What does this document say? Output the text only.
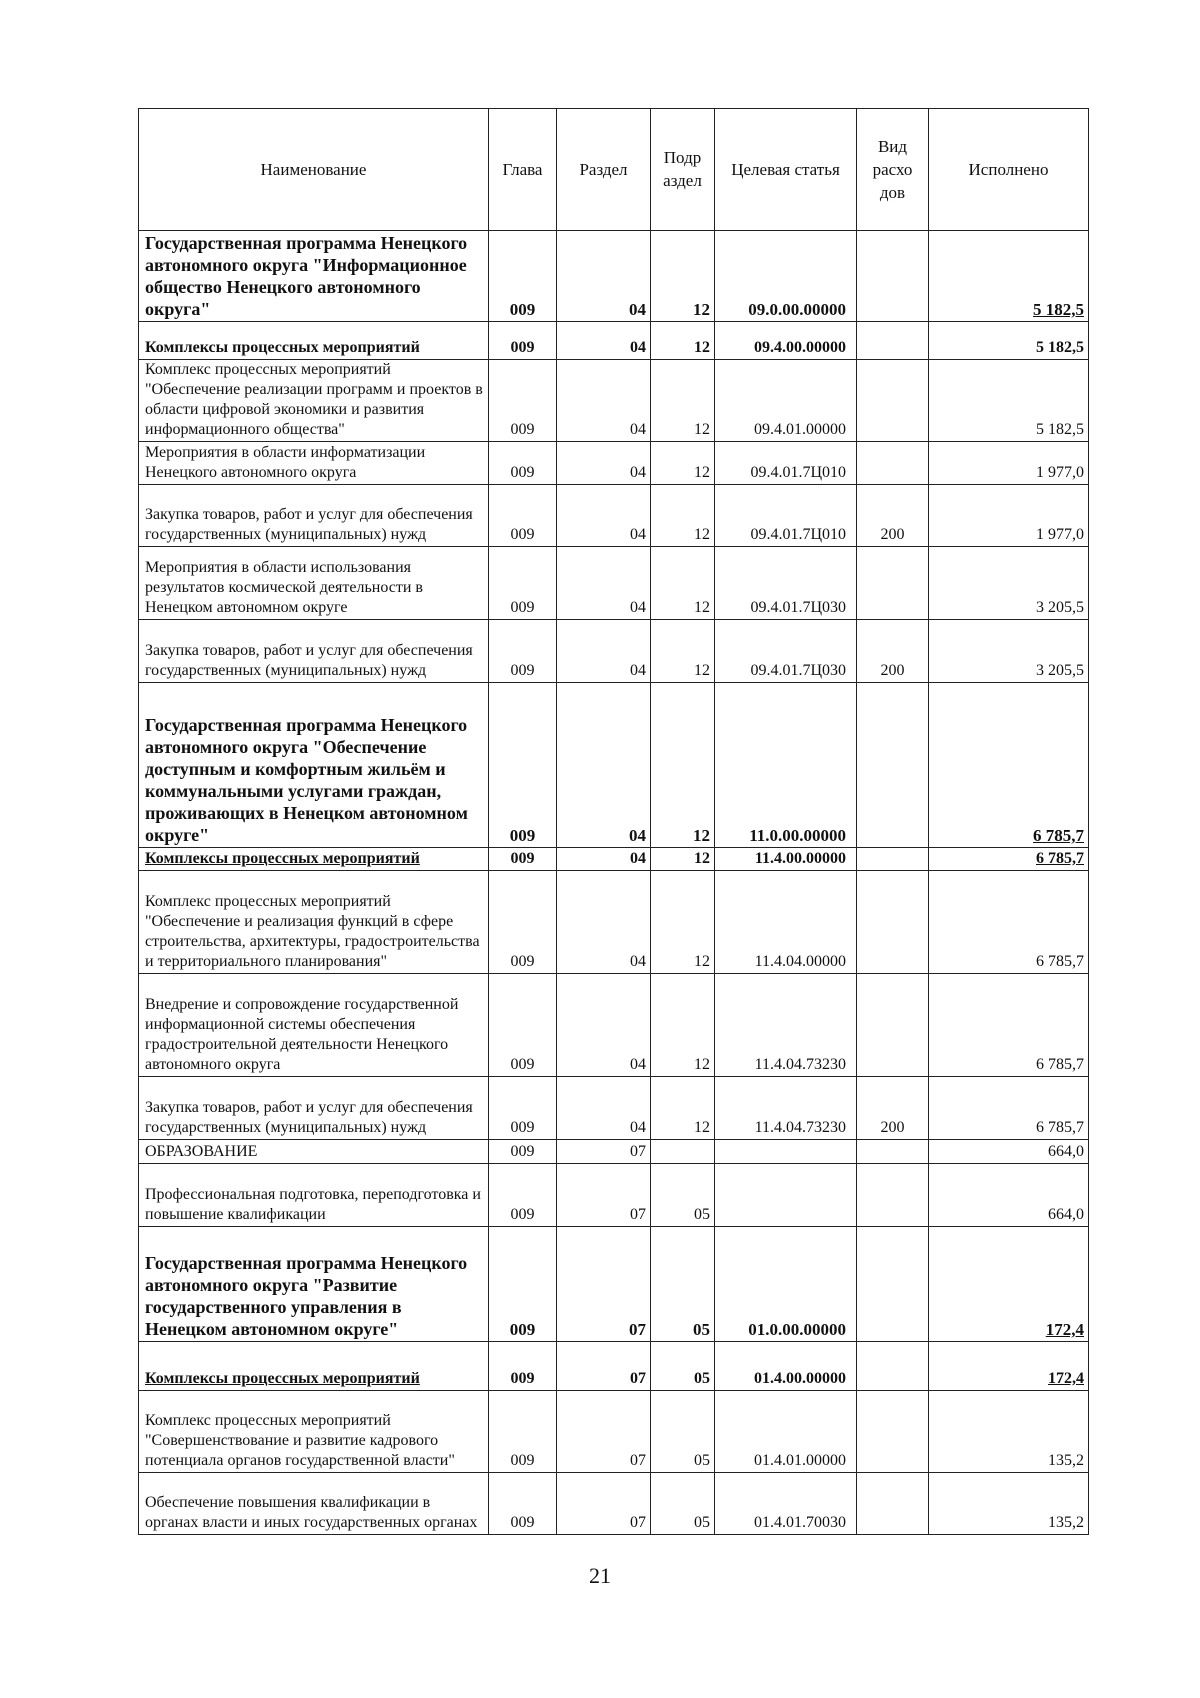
Наименование	Глава	Раздел	Подр аздел	Целевая статья	Вид расхо дов	Исполнено
Государственная программа Ненецкого автономного округа "Информационное общество Ненецкого автономного округа"	009	04	12	09.0.00.00000		5 182,5
Комплексы процессных мероприятий	009	04	12	09.4.00.00000		5 182,5
Комплекс процессных мероприятий "Обеспечение реализации программ и проектов в области цифровой экономики и развития информационного общества"	009	04	12	09.4.01.00000		5 182,5
Мероприятия в области информатизации Ненецкого автономного округа	009	04	12	09.4.01.7Ц010		1 977,0
Закупка товаров, работ и услуг для обеспечения государственных (муниципальных) нужд	009	04	12	09.4.01.7Ц010	200	1 977,0
Мероприятия в области использования результатов космической деятельности в Ненецком автономном округе	009	04	12	09.4.01.7Ц030		3 205,5
Закупка товаров, работ и услуг для обеспечения государственных (муниципальных) нужд	009	04	12	09.4.01.7Ц030	200	3 205,5
Государственная программа Ненецкого автономного округа "Обеспечение доступным и комфортным жильём и коммунальными услугами граждан, проживающих в Ненецком автономном округе"	009	04	12	11.0.00.00000		6 785,7
Комплексы процессных мероприятий	009	04	12	11.4.00.00000		6 785,7
Комплекс процессных мероприятий "Обеспечение и реализация функций в сфере строительства, архитектуры, градостроительства и территориального планирования"	009	04	12	11.4.04.00000		6 785,7
Внедрение и сопровождение государственной информационной системы обеспечения градостроительной деятельности Ненецкого автономного округа	009	04	12	11.4.04.73230		6 785,7
Закупка товаров, работ и услуг для обеспечения государственных (муниципальных) нужд	009	04	12	11.4.04.73230	200	6 785,7
ОБРАЗОВАНИЕ	009	07				664,0
Профессиональная подготовка, переподготовка и повышение квалификации	009	07	05			664,0
Государственная программа Ненецкого автономного округа "Развитие государственного управления в Ненецком автономном округе"	009	07	05	01.0.00.00000		172,4
Комплексы процессных мероприятий	009	07	05	01.4.00.00000		172,4
Комплекс процессных мероприятий "Совершенствование и развитие кадрового потенциала органов государственной власти"	009	07	05	01.4.01.00000		135,2
Обеспечение повышения квалификации в органах власти и иных государственных органах	009	07	05	01.4.01.70030		135,2
21
